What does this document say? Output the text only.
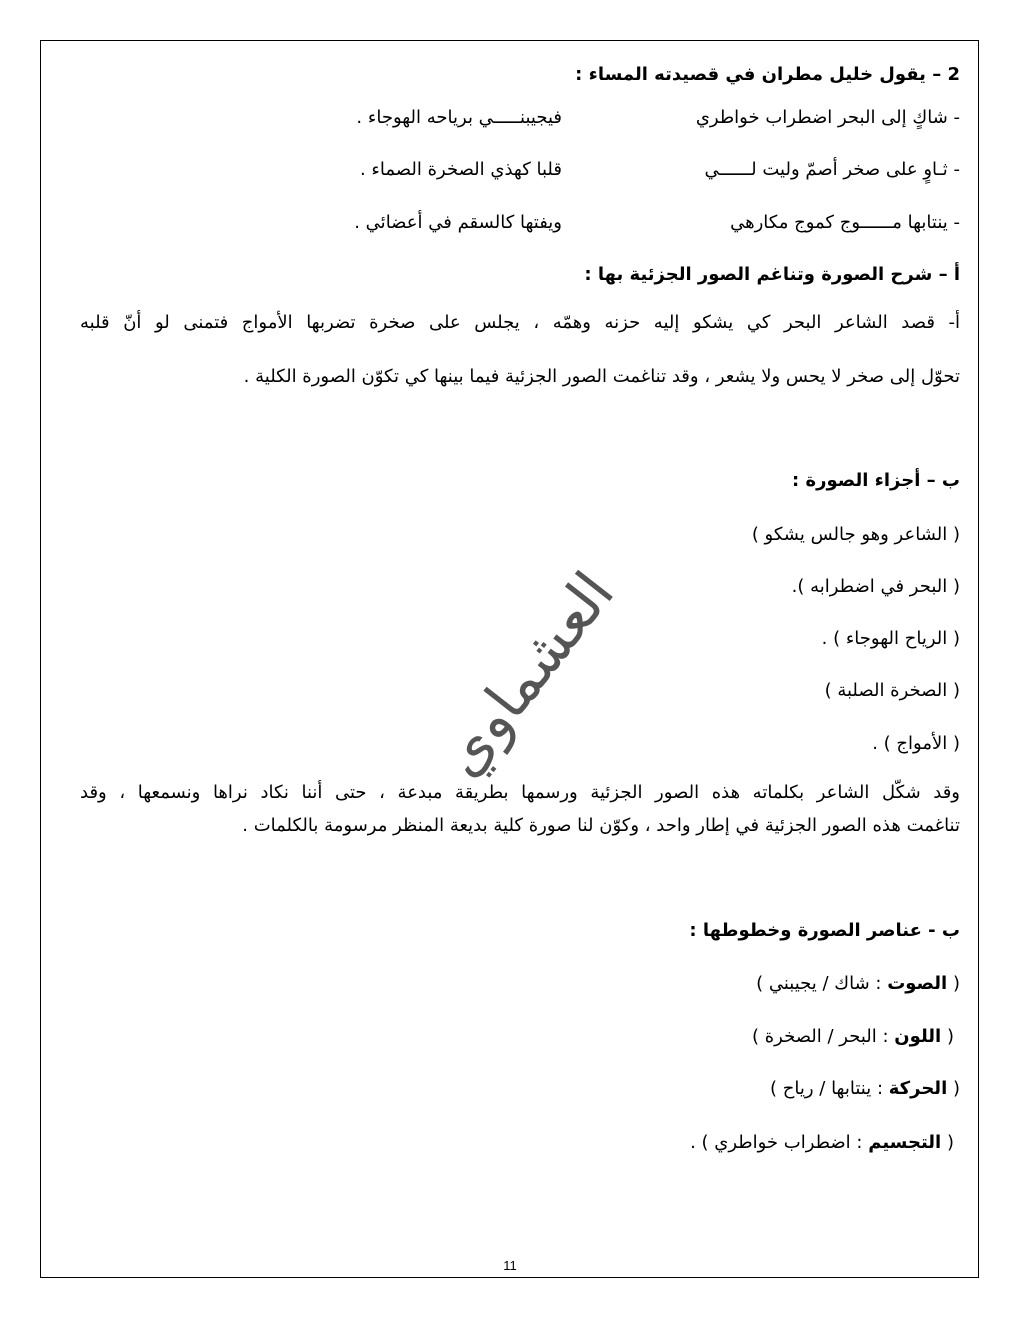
2 – يقول خليل مطران في قصيدته المساء :
- شاكٍ إلى البحر اضطراب خواطري
فيجيبنـــــي برياحه الهوجاء .
- ثـاوٍ على صخر أصمّ وليت لــــــي
قلبا كهذي الصخرة الصماء .
- ينتابها مــــــوج كموج مكارهي
ويفتها كالسقم في أعضائي .
أ – شرح الصورة وتناغم الصور الجزئية بها :
أ- قصد الشاعر البحر كي يشكو إليه حزنه وهمّه ، يجلس على صخرة تضربها الأمواج فتمنى لو أنّ قلبه
تحوّل إلى صخر لا يحس ولا يشعر ، وقد تناغمت الصور الجزئية فيما بينها كي تكوّن الصورة الكلية .
ب – أجزاء الصورة :
( الشاعر وهو جالس يشكو )
( البحر في اضطرابه ).
( الرياح الهوجاء ) .
( الصخرة الصلبة )
( الأمواج ) .
وقد شكّل الشاعر بكلماته هذه الصور الجزئية ورسمها بطريقة مبدعة ، حتى أننا نكاد نراها ونسمعها ، وقد
تناغمت هذه الصور الجزئية في إطار واحد ، وكوّن لنا صورة كلية بديعة المنظر مرسومة بالكلمات .
ب - عناصر الصورة وخطوطها :
( الصوت : شاك / يجيبني )
( اللون : البحر / الصخرة )
( الحركة : ينتابها / رياح )
( التجسيم : اضطراب خواطري ) .
العشماوي
11
